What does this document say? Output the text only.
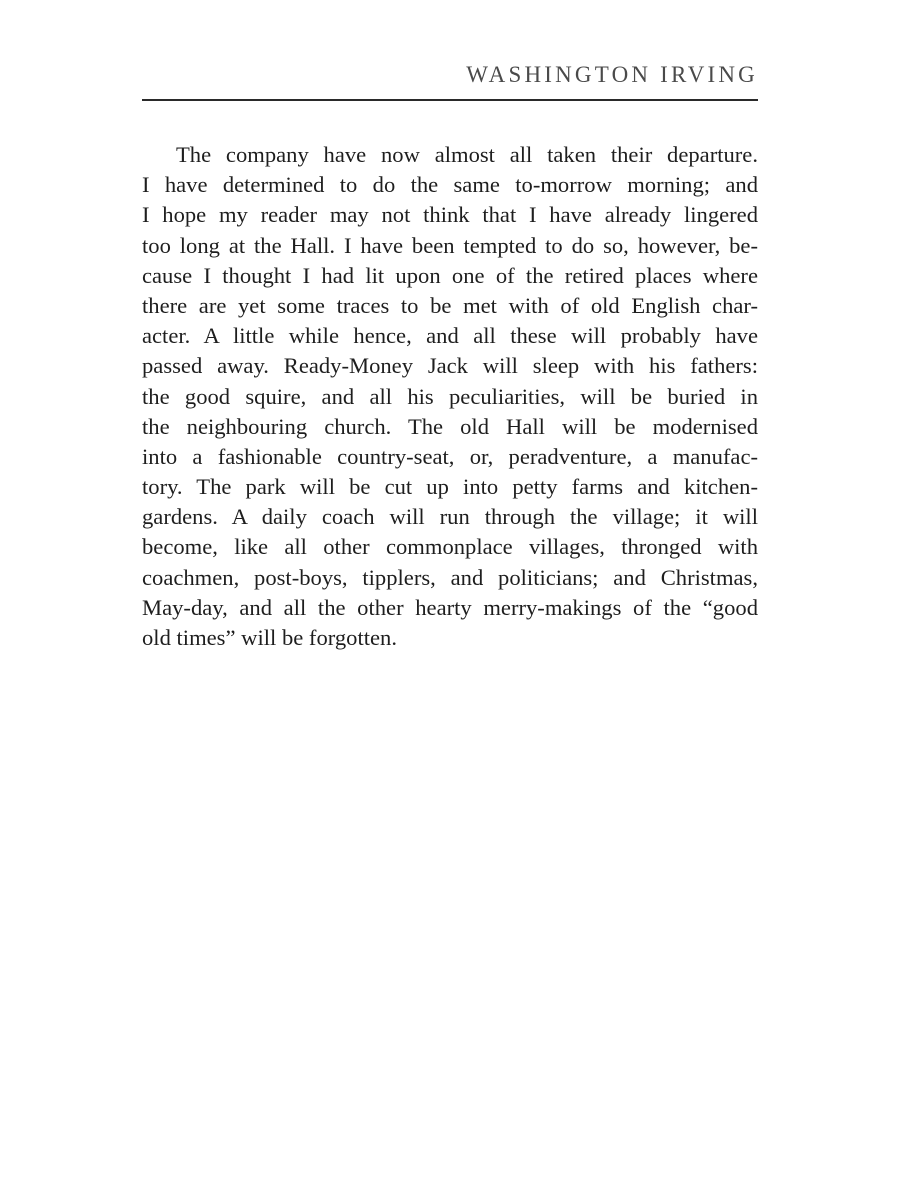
WASHINGTON IRVING
The company have now almost all taken their departure.
I have determined to do the same to-morrow morning; and
I hope my reader may not think that I have already lingered
too long at the Hall. I have been tempted to do so, however, be-
cause I thought I had lit upon one of the retired places where
there are yet some traces to be met with of old English char-
acter. A little while hence, and all these will probably have
passed away. Ready-Money Jack will sleep with his fathers:
the good squire, and all his peculiarities, will be buried in
the neighbouring church. The old Hall will be modernised
into a fashionable country-seat, or, peradventure, a manufac-
tory. The park will be cut up into petty farms and kitchen-
gardens. A daily coach will run through the village; it will
become, like all other commonplace villages, thronged with
coachmen, post-boys, tipplers, and politicians; and Christmas,
May-day, and all the other hearty merry-makings of the “good
old times” will be forgotten.
